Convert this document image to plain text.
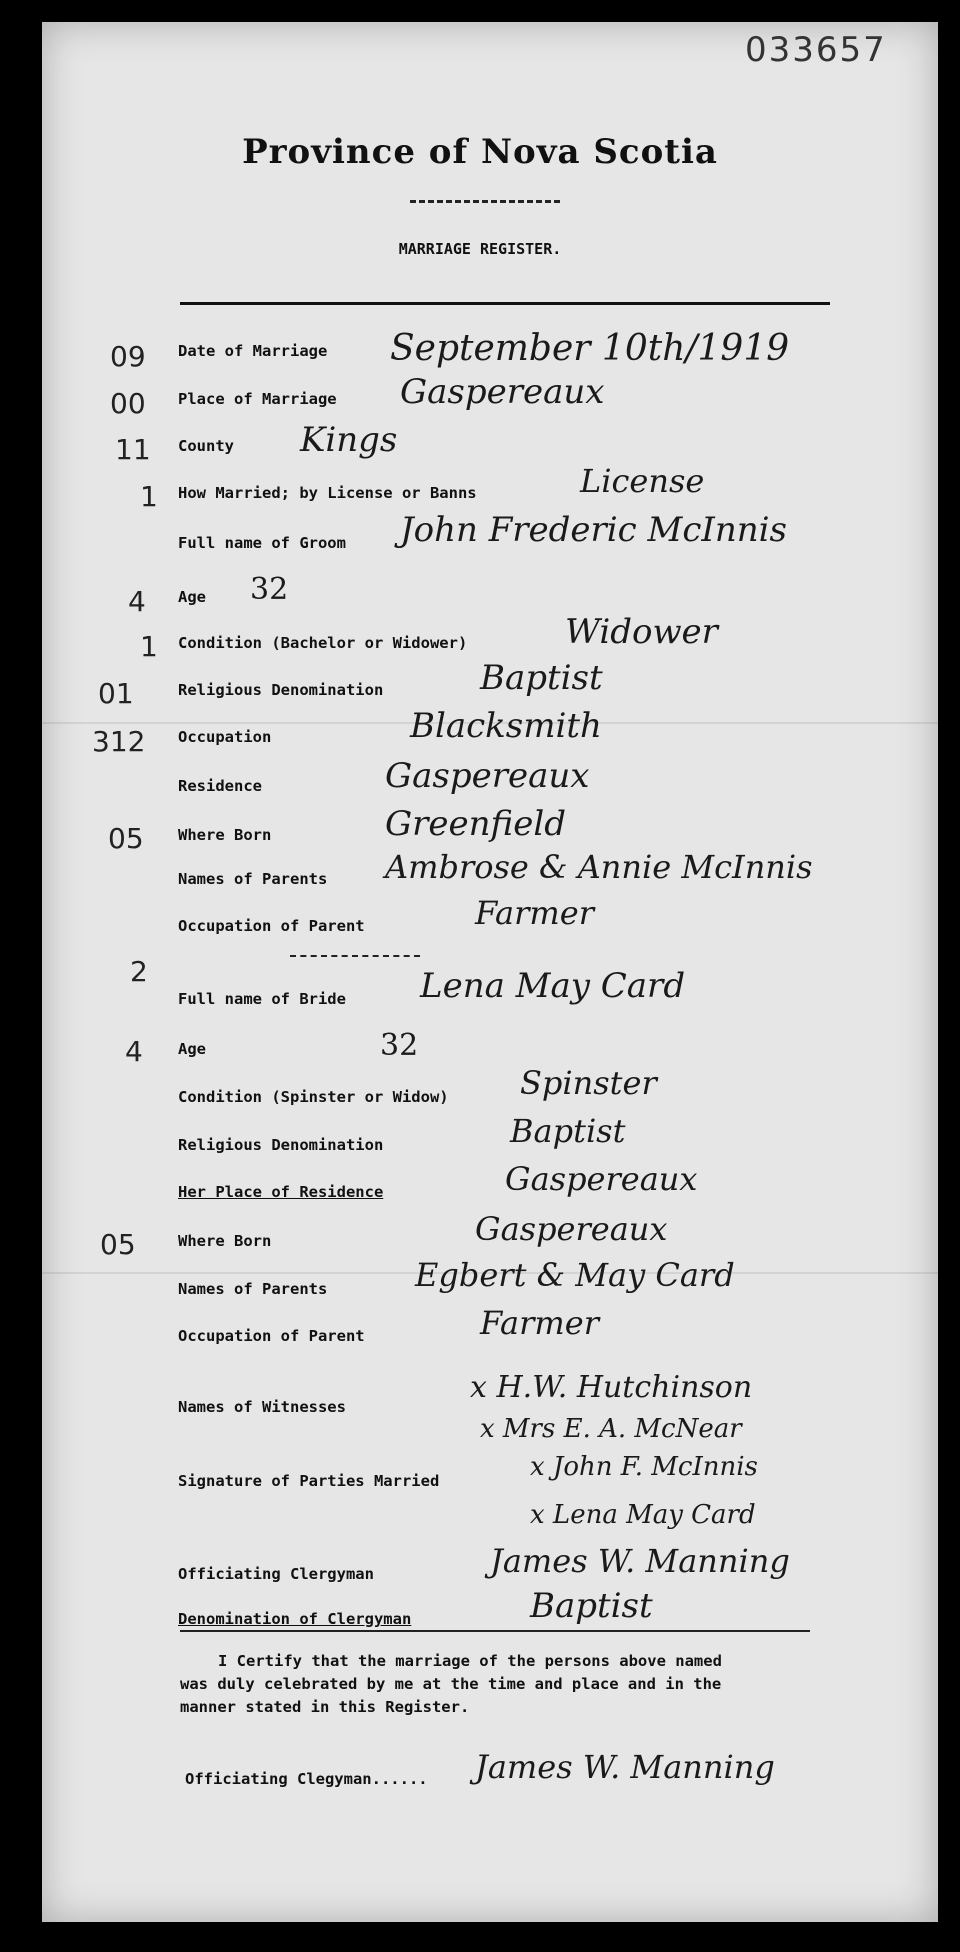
033657
Province of Nova Scotia
MARRIAGE REGISTER.
09 Date of Marriage September 10th/1919
00 Place of Marriage Gaspereaux
11 County Kings
1 How Married; by License or Banns	License
Full name of Groom John Frederic McInnis
4 Age 32
1 Condition (Bachelor or Widower)	Widower
01	Religious Denomination	Baptist
312 Occupation	Blacksmith
Residence	Gaspereaux
05 Where Born	Greenfield
Names of Parents Ambrose & Annie McInnis
Occupation of Parent	Farmer
2
Full name of Bride Lena May Card
4 Age	32
Condition (Spinster or Widow) Spinster
Religious Denomination	Baptist
Her Place of Residence	Gaspereaux
05	Where Born	Gaspereaux
Names of Parents	Egbert & May Card
Occupation of Parent	Farmer
Names of Witnesses
x H.W. Hutchinson
x Mrs E. A. McNear
Signature of Parties Married	x John F. McInnis
x Lena May Card
Officiating Clergyman	James W. Manning
Denomination of Clergyman	Baptist

I Certify that the marriage of the persons above named

was duly celebrated by me at the time and place and in the

manner stated in this Register.

Officiating Clegyman...... James W. Manning
